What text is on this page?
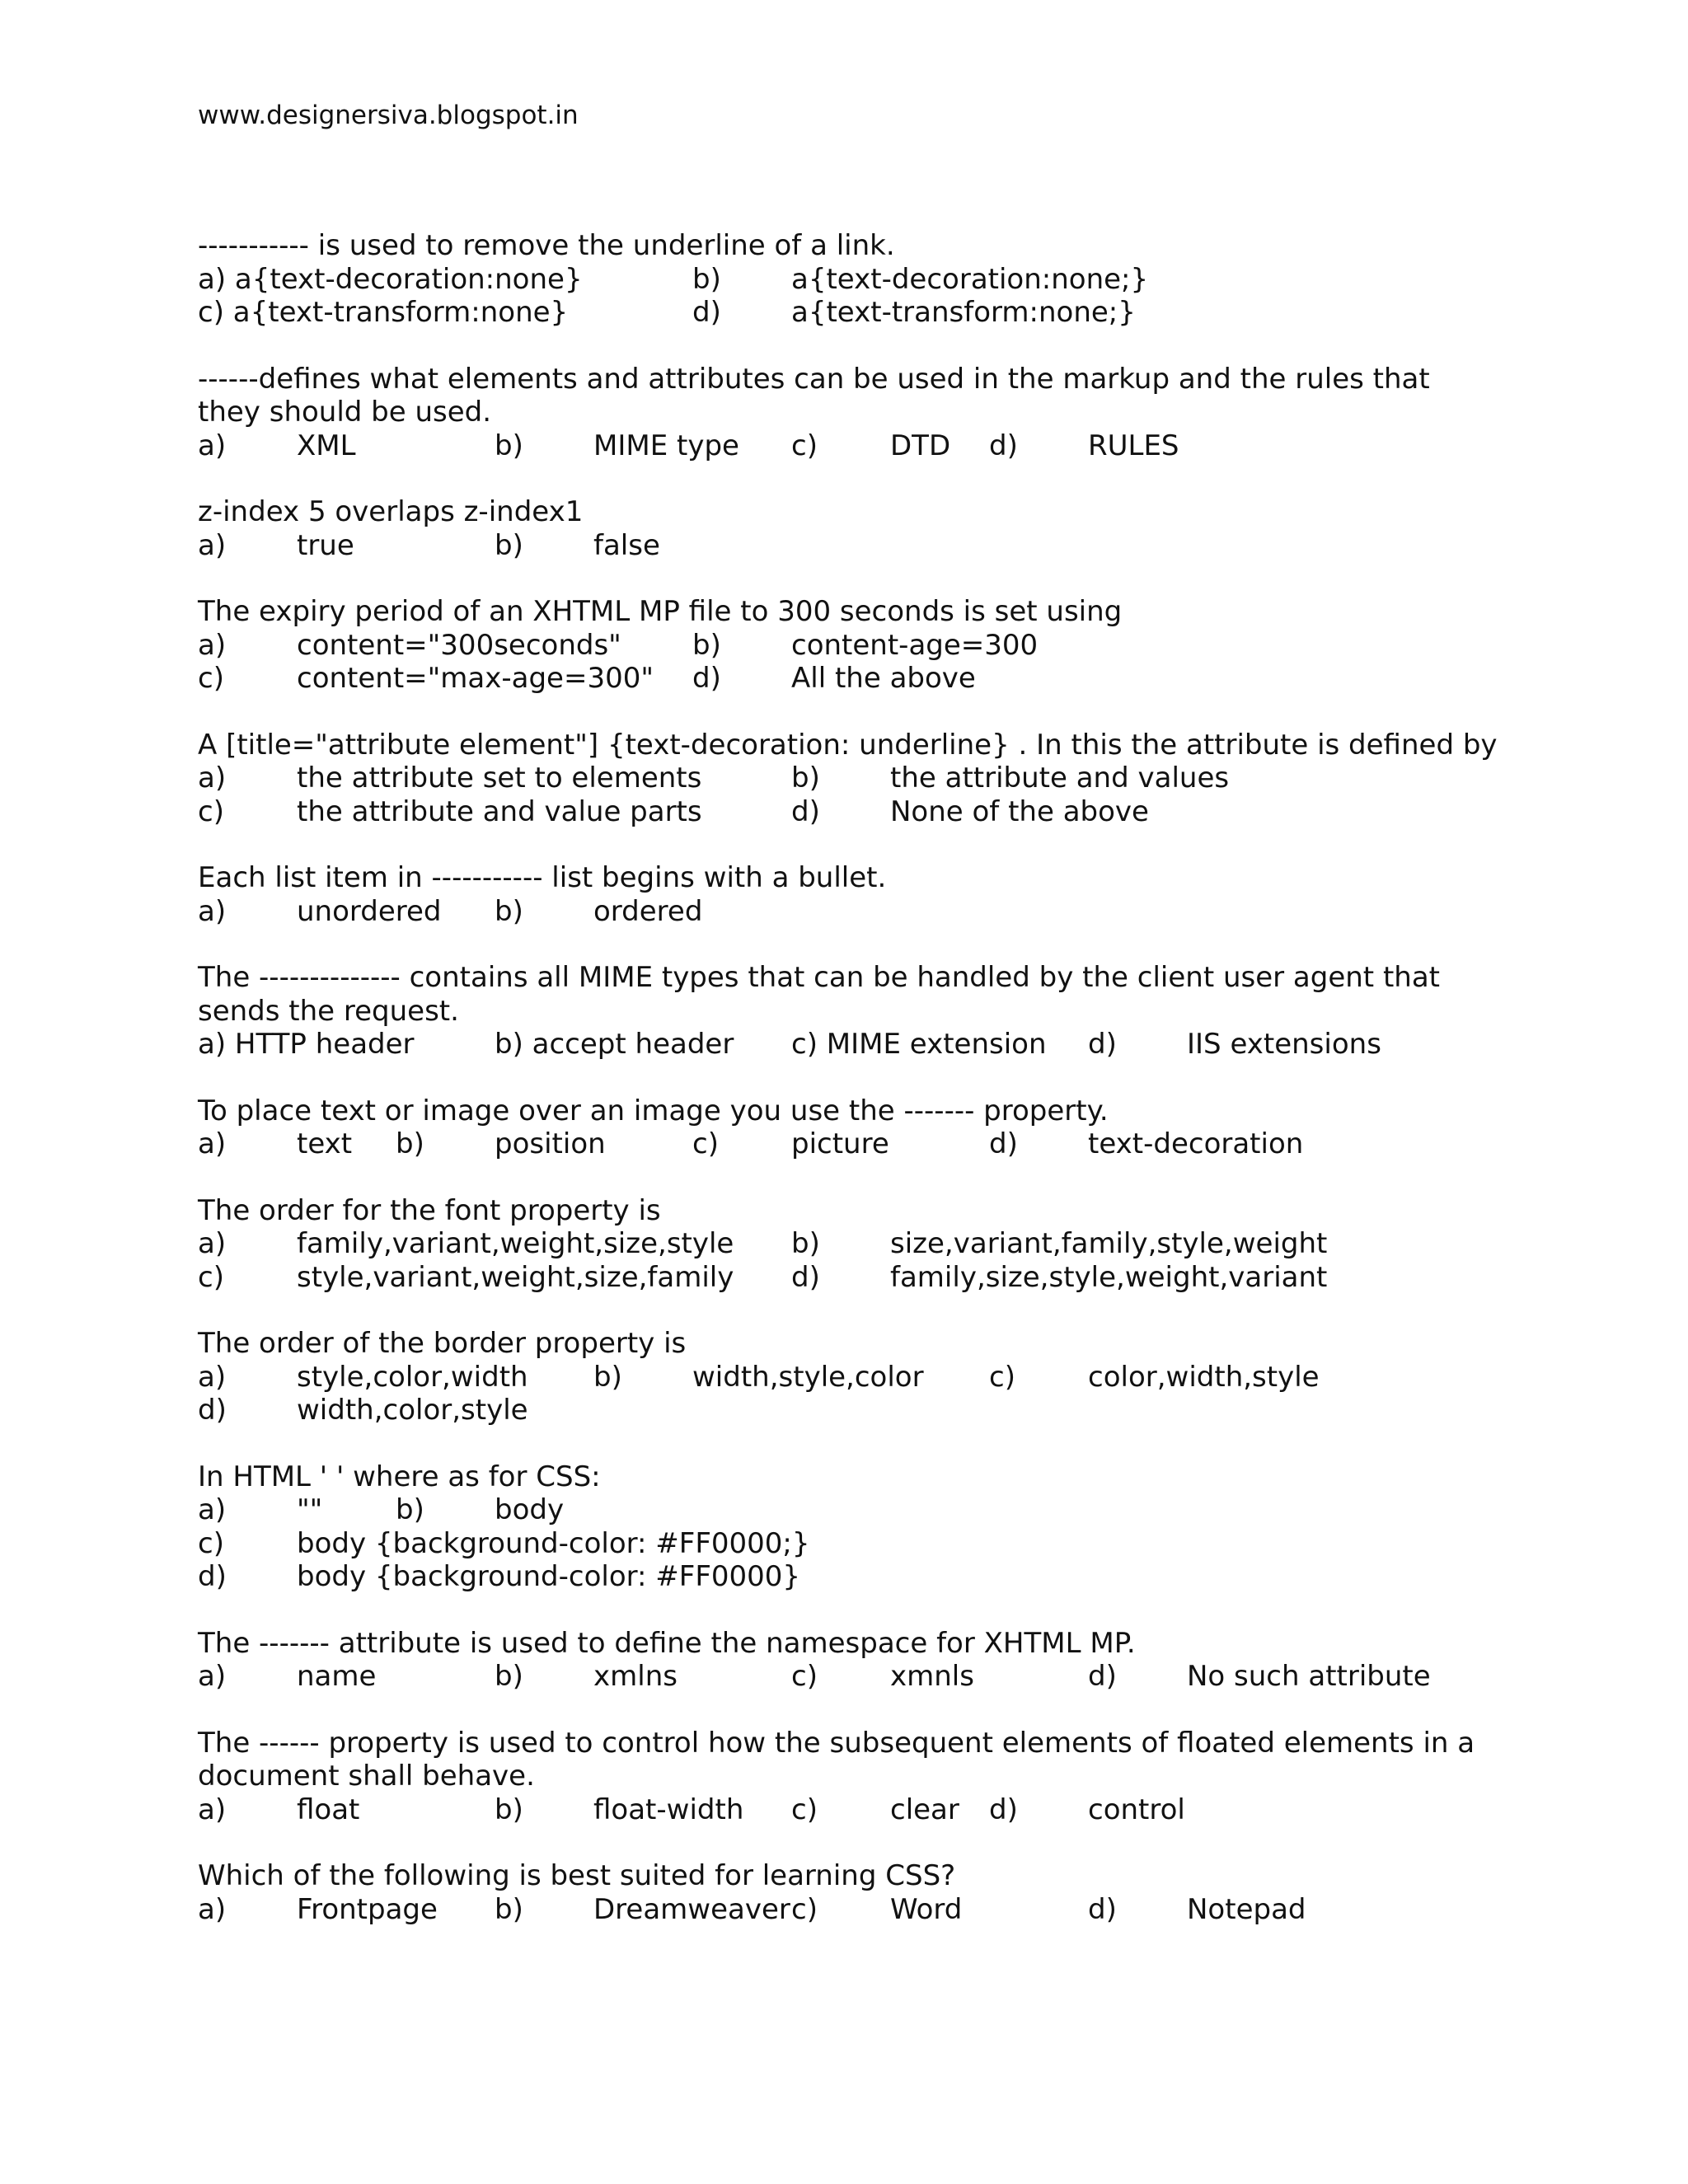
www.designersiva.blogspot.in
----------- is used to remove the underline of a link.
a) a{text-decoration:none}	b)	a{text-decoration:none;}
c) a{text-transform:none}	d)	a{text-transform:none;}
------defines what elements and attributes can be used in the markup and the rules that they should be used.
a)	XML	b)	MIME type c)	DTD d)	RULES
z-index 5 overlaps z-index1
a)	true	b)	false
The expiry period of an XHTML MP file to 300 seconds is set using
a)	content="300seconds"	b)	content-age=300
c)	content="max-age=300" d)	All the above
A [title="attribute element"] {text-decoration: underline} . In this the attribute is defined by
a)	the attribute set to elements	b)	the attribute and values
c)	the attribute and value parts	d)	None of the above
Each list item in ----------- list begins with a bullet.
a)	unordered b)	ordered
The -------------- contains all MIME types that can be handled by the client user agent that sends the request.
a) HTTP header	b) accept header c) MIME extension d)	IIS extensions
To place text or image over an image you use the ------- property.
a)	text b)	position	c)	picture	d)	text-decoration
The order for the font property is
a)	family,variant,weight,size,style b)	size,variant,family,style,weight
c)	style,variant,weight,size,family d)	family,size,style,weight,variant
The order of the border property is
a)	style,color,width b)	width,style,color c)	color,width,style
d)	width,color,style
In HTML ' ' where as for CSS:
a)	""	b)	body
c)	body {background-color: #FF0000;}
d)	body {background-color: #FF0000}
The ------- attribute is used to define the namespace for XHTML MP.
a)	name	b)	xmlns	c)	xmnls	d)	No such attribute
The ------ property is used to control how the subsequent elements of floated elements in a document shall behave.
a)	float	b)	float-width c)	clear d)	control
Which of the following is best suited for learning CSS?
a)	Frontpage b)	Dreamweaver c)	Word	d)	Notepad
